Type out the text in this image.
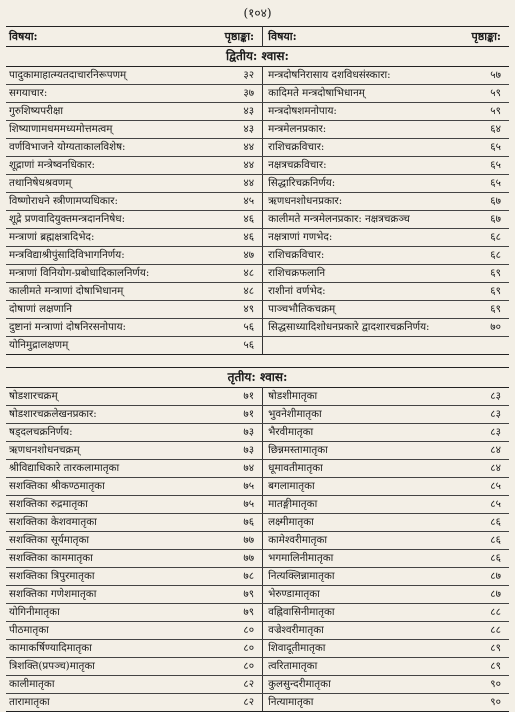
(१०४)
विषया:	पृष्ठाङ्का:	विषया:	पृष्ठाङ्का:
द्वितीय: श्वास:			
पादुकामाहात्म्यतदाचारनिरूपणम्	३२	मन्त्रदोषनिरासाय दशविधसंस्कारा:	५७
सगयाचार:	३७	कादिमते मन्त्रदोषाभिधानम्	५९
गुरुशिष्यपरीक्षा	४३	मन्त्रदोषशमनोपाय:	५९
शिष्याणामधममध्यमोत्तमत्वम्	४३	मन्त्रमेलनप्रकार:	६४
वर्णविभाजने योग्यताकालविशेष:	४४	राशिचक्रविचार:	६५
शूद्राणां मन्त्रेष्वनधिकार:	४४	नक्षत्रचक्रविचार:	६५
तथानिषेधश्रवणम्	४४	सिद्धारिचक्रनिर्णय:	६५
विष्णोराधने स्त्रीणामप्यधिकार:	४५	ऋणधनशोधनप्रकार:	६७
शूद्रे प्रणवादियुक्तमन्त्रदाननिषेध:	४६	कालीमते मन्त्रमेलनप्रकार: नक्षत्रचक्रञ्च	६७
मन्त्राणां ब्रह्मक्षत्रादिभेद:	४६	नक्षत्राणां गणभेद:	६८
मन्त्रविद्याश्रीपुंसादिविभागनिर्णय:	४७	राशिचक्रविचार:	६८
मन्त्राणां विनियोग-प्रबोधादिकालनिर्णय:	४८	राशिचक्रफलानि	६९
कालीमते मन्त्राणां दोषाभिधानम्	४८	राशीनां वर्णभेद:	६९
दोषाणां लक्षणानि	४९	पाञ्चभौतिकचक्रम्	६९
दुष्टानां मन्त्राणां दोषनिरसनोपाय:	५६	सिद्धसाध्यादिशोधनप्रकारे द्वादशारचक्रनिर्णय:	७०
योनिमुद्रालक्षणम्	५६		

तृतीय: श्वास:			
षोडशारचक्रम्	७१	षोडशीमातृका	८३
षोडशारचक्रलेखनप्रकार:	७१	भुवनेशीमातृका	८३
षड्दलचक्रनिर्णय:	७३	भैरवीमातृका	८३
ऋणधनशोधनचक्रम्	७३	छिन्नमस्तामातृका	८४
श्रीविद्याधिकारे तारकलामातृका	७४	धूमावतीमातृका	८४
सशक्तिका श्रीकण्ठमातृका	७५	बगलामातृका	८५
सशक्तिका रुद्रमातृका	७५	मातङ्गीमातृका	८५
सशक्तिका केशवमातृका	७६	लक्ष्मीमातृका	८६
सशक्तिका सूर्यमातृका	७७	कामेश्वरीमातृका	८६
सशक्तिका काममातृका	७७	भगमालिनीमातृका	८६
सशक्तिका त्रिपुरमातृका	७८	नित्यक्लिन्नामातृका	८७
सशक्तिका गणेशमातृका	७९	भेरुण्डामातृका	८७
योगिनीमातृका	७९	वह्निवासिनीमातृका	८८
पीठमातृका	८०	वज्रेश्वरीमातृका	८८
कामाकर्षिण्यादिमातृका	८०	शिवादूतीमातृका	८९
त्रिशक्ति(प्रपञ्च)मातृका	८०	त्वरितामातृका	८९
कालीमातृका	८२	कुलसुन्दरीमातृका	९०
तारामातृका	८२	नित्यामातृका	९०
